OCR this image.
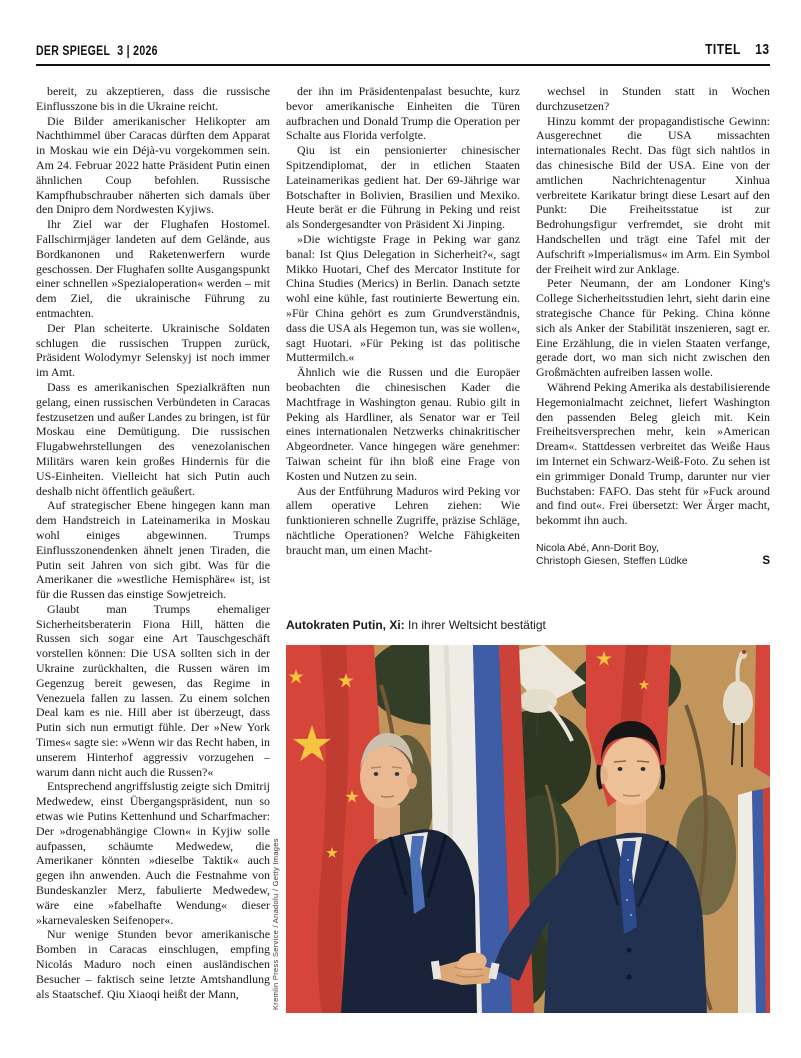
DER SPIEGEL 3 | 2026	TITEL 13

bereit, zu akzeptieren, dass die russische Einflusszone bis in die Ukraine reicht.

Die Bilder amerikanischer Helikopter am Nachthimmel über Caracas dürften dem Apparat in Moskau wie ein Déjà-vu vorgekommen sein. Am 24. Februar 2022 hatte Präsident Putin einen ähnlichen Coup befohlen. Russische Kampfhubschrauber näherten sich damals über den Dnipro dem Nordwesten Kyjiws.

Ihr Ziel war der Flughafen Hostomel. Fallschirmjäger landeten auf dem Gelände, aus Bordkanonen und Raketenwerfern wurde geschossen. Der Flughafen sollte Ausgangspunkt einer schnellen »Spezialoperation« werden – mit dem Ziel, die ukrainische Führung zu entmachten.

Der Plan scheiterte. Ukrainische Soldaten schlugen die russischen Truppen zurück, Präsident Wolodymyr Selenskyj ist noch immer im Amt.

Dass es amerikanischen Spezialkräften nun gelang, einen russischen Verbündeten in Caracas festzusetzen und außer Landes zu bringen, ist für Moskau eine Demütigung. Die russischen Flugabwehrstellungen des venezolanischen Militärs waren kein großes Hindernis für die US-Einheiten. Vielleicht hat sich Putin auch deshalb nicht öffentlich geäußert.

Auf strategischer Ebene hingegen kann man dem Handstreich in Lateinamerika in Moskau wohl einiges abgewinnen. Trumps Einflusszonendenken ähnelt jenen Tiraden, die Putin seit Jahren von sich gibt. Was für die Amerikaner die »westliche Hemisphäre« ist, ist für die Russen das einstige Sowjetreich.

Glaubt man Trumps ehemaliger Sicherheitsberaterin Fiona Hill, hätten die Russen sich sogar eine Art Tauschgeschäft vorstellen können: Die USA sollten sich in der Ukraine zurückhalten, die Russen wären im Gegenzug bereit gewesen, das Regime in Venezuela fallen zu lassen. Zu einem solchen Deal kam es nie. Hill aber ist überzeugt, dass Putin sich nun ermutigt fühle. Der »New York Times« sagte sie: »Wenn wir das Recht haben, in unserem Hinterhof aggressiv vorzugehen – warum dann nicht auch die Russen?«

Entsprechend angriffslustig zeigte sich Dmitrij Medwedew, einst Übergangspräsident, nun so etwas wie Putins Kettenhund und Scharfmacher: Der »drogenabhängige Clown« in Kyjiw solle aufpassen, schäumte Medwedew, die Amerikaner könnten »dieselbe Taktik« auch gegen ihn anwenden. Auch die Festnahme von Bundeskanzler Merz, fabulierte Medwedew, wäre eine »fabelhafte Wendung« dieser »karnevalesken Seifenoper«.

Nur wenige Stunden bevor amerikanische Bomben in Caracas einschlugen, empfing Nicolás Maduro noch einen ausländischen Besucher – faktisch seine letzte Amtshandlung als Staatschef. Qiu Xiaoqi heißt der Mann,

der ihn im Präsidentenpalast besuchte, kurz bevor amerikanische Einheiten die Türen aufbrachen und Donald Trump die Operation per Schalte aus Florida verfolgte.

Qiu ist ein pensionierter chinesischer Spitzendiplomat, der in etlichen Staaten Lateinamerikas gedient hat. Der 69-Jährige war Botschafter in Bolivien, Brasilien und Mexiko. Heute berät er die Führung in Peking und reist als Sondergesandter von Präsident Xi Jinping.

»Die wichtigste Frage in Peking war ganz banal: Ist Qius Delegation in Sicherheit?«, sagt Mikko Huotari, Chef des Mercator Institute for China Studies (Merics) in Berlin. Danach setzte wohl eine kühle, fast routinierte Bewertung ein. »Für China gehört es zum Grundverständnis, dass die USA als Hegemon tun, was sie wollen«, sagt Huotari. »Für Peking ist das politische Muttermilch.«

Ähnlich wie die Russen und die Europäer beobachten die chinesischen Kader die Machtfrage in Washington genau. Rubio gilt in Peking als Hardliner, als Senator war er Teil eines internationalen Netzwerks chinakritischer Abgeordneter. Vance hingegen wäre genehmer: Taiwan scheint für ihn bloß eine Frage von Kosten und Nutzen zu sein.

Aus der Entführung Maduros wird Peking vor allem operative Lehren ziehen: Wie funktionieren schnelle Zugriffe, präzise Schläge, nächtliche Operationen? Welche Fähigkeiten braucht man, um einen Macht-

wechsel in Stunden statt in Wochen durchzusetzen?

Hinzu kommt der propagandistische Gewinn: Ausgerechnet die USA missachten internationales Recht. Das fügt sich nahtlos in das chinesische Bild der USA. Eine von der amtlichen Nachrichtenagentur Xinhua verbreitete Karikatur bringt diese Lesart auf den Punkt: Die Freiheitsstatue ist zur Bedrohungsfigur verfremdet, sie droht mit Handschellen und trägt eine Tafel mit der Aufschrift »Imperialismus« im Arm. Ein Symbol der Freiheit wird zur Anklage.

Peter Neumann, der am Londoner King's College Sicherheitsstudien lehrt, sieht darin eine strategische Chance für Peking. China könne sich als Anker der Stabilität inszenieren, sagt er. Eine Erzählung, die in vielen Staaten verfange, gerade dort, wo man sich nicht zwischen den Großmächten aufreiben lassen wolle.

Während Peking Amerika als destabilisierende Hegemonialmacht zeichnet, liefert Washington den passenden Beleg gleich mit. Kein Freiheitsversprechen mehr, kein »American Dream«. Stattdessen verbreitet das Weiße Haus im Internet ein Schwarz-Weiß-Foto. Zu sehen ist ein grimmiger Donald Trump, darunter nur vier Buchstaben: FAFO. Das steht für »Fuck around and find out«. Frei übersetzt: Wer Ärger macht, bekommt ihn auch.

Nicola Abé, Ann-Dorit Boy,
Christoph Giesen, Steffen Lüdke	S
Autokraten Putin, Xi: In ihrer Weltsicht bestätigt
Kremlin Press Service / Anadolu / Getty Images
